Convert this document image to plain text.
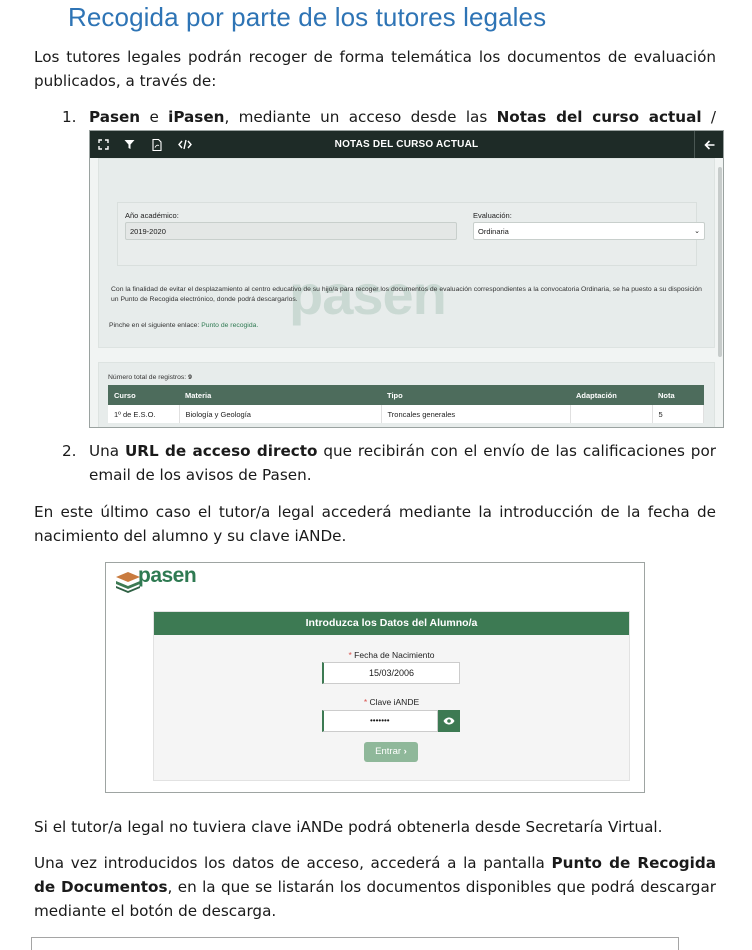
Recogida por parte de los tutores legales

Los tutores legales podrán recoger de forma telemática los documentos de evaluación publicados, a través de:

1. Pasen e iPasen, mediante un acceso desde las Notas del curso actual /

NOTAS DEL CURSO ACTUAL
Año académico:
2019-2020
Evaluación:
Ordinaria	⌄
pasen
Con la finalidad de evitar el desplazamiento al centro educativo de su hijo/a para recoger los documentos de evaluación correspondientes a la convocatoria Ordinaria, se ha puesto a su disposición un Punto de Recogida electrónico, donde podrá descargarlos.
Pinche en el siguiente enlace: Punto de recogida.
Número total de registros: 9
Curso	Materia	Tipo	Adaptación	Nota
1º de E.S.O.	Biología y Geología	Troncales generales		5
2. Una URL de acceso directo que recibirán con el envío de las calificaciones por email de los avisos de Pasen.

En este último caso el tutor/a legal accederá mediante la introducción de la fecha de nacimiento del alumno y su clave iANDe.

pasen
Introduzca los Datos del Alumno/a
* Fecha de Nacimiento
15/03/2006
* Clave iANDE
•••••••
Entrar ›

Si el tutor/a legal no tuviera clave iANDe podrá obtenerla desde Secretaría Virtual.

Una vez introducidos los datos de acceso, accederá a la pantalla Punto de Recogida de Documentos, en la que se listarán los documentos disponibles que podrá descargar mediante el botón de descarga.
